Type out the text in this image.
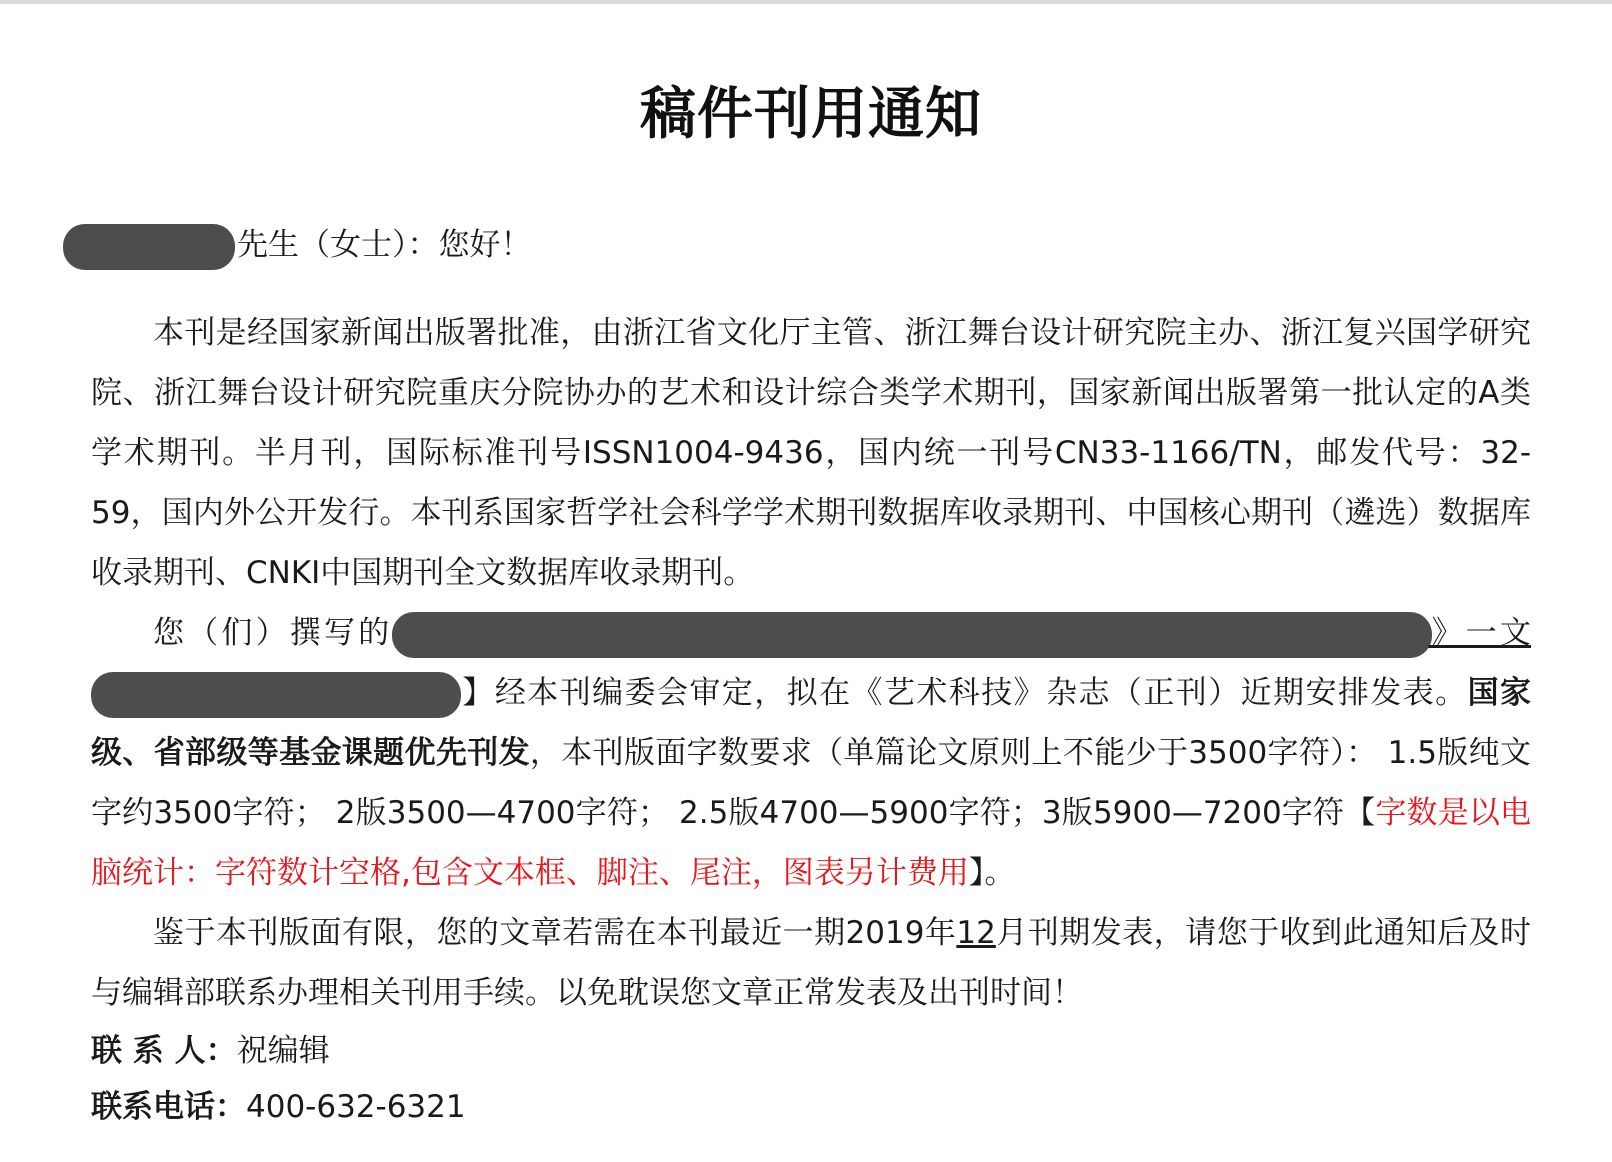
稿件刊用通知
先生（女士）：您好！

本刊是经国家新闻出版署批准，由浙江省文化厅主管、浙江舞台设计研究院主办、浙江复兴国学研究院、浙江舞台设计研究院重庆分院协办的艺术和设计综合类学术期刊，国家新闻出版署第一批认定的A类学术期刊。半月刊，国际标准刊号ISSN1004-9436，国内统一刊号CN33-1166/TN，邮发代号：32-59，国内外公开发行。本刊系国家哲学社会科学学术期刊数据库收录期刊、中国核心期刊（遴选）数据库收录期刊、CNKI中国期刊全文数据库收录期刊。

您（们）撰写的	》一文 】经本刊编委会审定，拟在《艺术科技》杂志（正刊）近期安排发表。国家级、省部级等基金课题优先刊发，本刊版面字数要求（单篇论文原则上不能少于3500字符）： 1.5版纯文字约3500字符； 2版3500—4700字符； 2.5版4700—5900字符；3版5900—7200字符【字数是以电脑统计：字符数计空格,包含文本框、脚注、尾注，图表另计费用】。

鉴于本刊版面有限，您的文章若需在本刊最近一期2019年12月刊期发表，请您于收到此通知后及时与编辑部联系办理相关刊用手续。以免耽误您文章正常发表及出刊时间！

联 系 人：祝编辑

联系电话：400-632-6321
